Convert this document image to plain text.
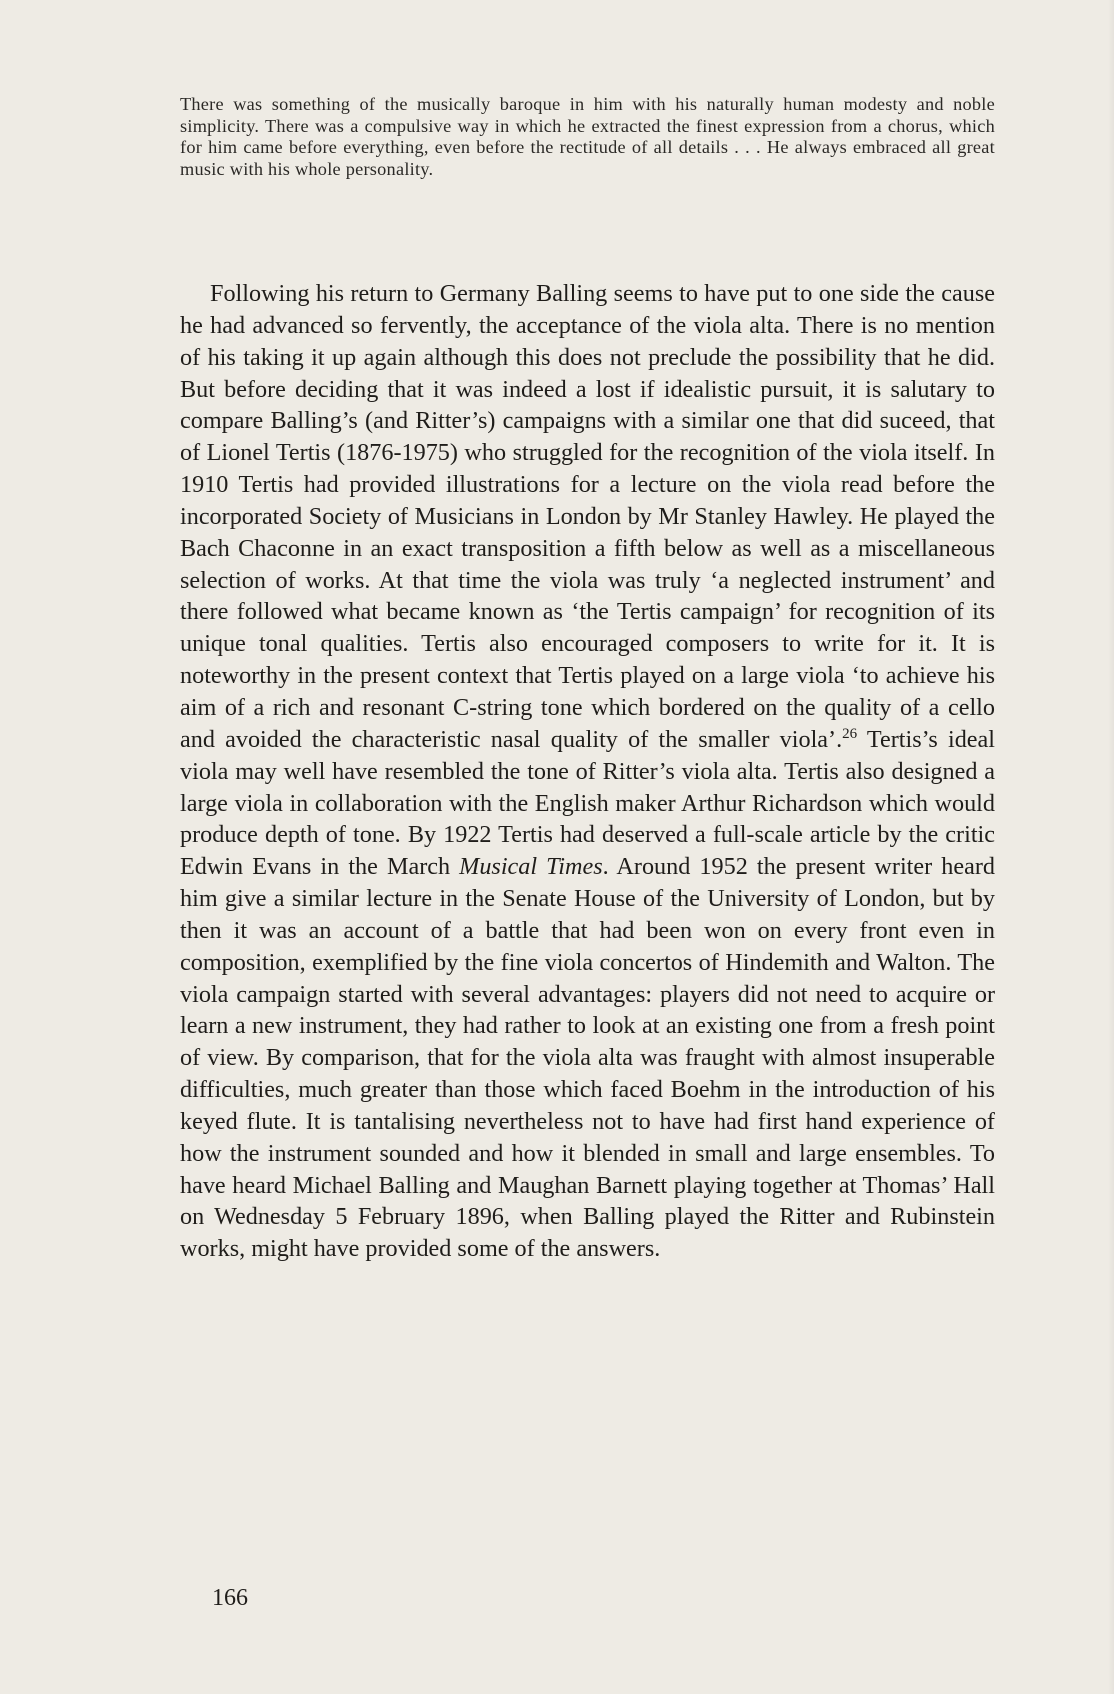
There was something of the musically baroque in him with his naturally human modesty and noble simplicity. There was a compulsive way in which he extracted the finest expression from a chorus, which for him came before everything, even before the rectitude of all details . . . He always embraced all great music with his whole personality.
Following his return to Germany Balling seems to have put to one side the cause he had advanced so fervently, the acceptance of the viola alta. There is no mention of his taking it up again although this does not preclude the possibility that he did. But before deciding that it was indeed a lost if idealistic pursuit, it is salutary to compare Balling’s (and Ritter’s) campaigns with a similar one that did suceed, that of Lionel Tertis (1876-1975) who struggled for the recognition of the viola itself. In 1910 Tertis had provided illustrations for a lecture on the viola read before the incorporated Society of Musicians in London by Mr Stanley Hawley. He played the Bach Chaconne in an exact transposition a fifth below as well as a miscellaneous selection of works. At that time the viola was truly ‘a neglected instrument’ and there followed what became known as ‘the Tertis campaign’ for recognition of its unique tonal qualities. Tertis also encouraged composers to write for it. It is noteworthy in the present context that Tertis played on a large viola ‘to achieve his aim of a rich and resonant C-string tone which bordered on the quality of a cello and avoided the characteristic nasal quality of the smaller viola’.$^{26}$ Tertis’s ideal viola may well have resembled the tone of Ritter’s viola alta. Tertis also designed a large viola in collaboration with the English maker Arthur Richardson which would produce depth of tone. By 1922 Tertis had deserved a full-scale article by the critic Edwin Evans in the March Musical Times. Around 1952 the present writer heard him give a similar lecture in the Senate House of the University of London, but by then it was an account of a battle that had been won on every front even in composition, exemplified by the fine viola concertos of Hindemith and Walton. The viola campaign started with several advantages: players did not need to acquire or learn a new instrument, they had rather to look at an existing one from a fresh point of view. By comparison, that for the viola alta was fraught with almost insuperable difficulties, much greater than those which faced Boehm in the introduction of his keyed flute. It is tantalising nevertheless not to have had first hand experience of how the instrument sounded and how it blended in small and large ensembles. To have heard Michael Balling and Maughan Barnett playing together at Thomas’ Hall on Wednesday 5 February 1896, when Balling played the Ritter and Rubinstein works, might have provided some of the answers.
166
